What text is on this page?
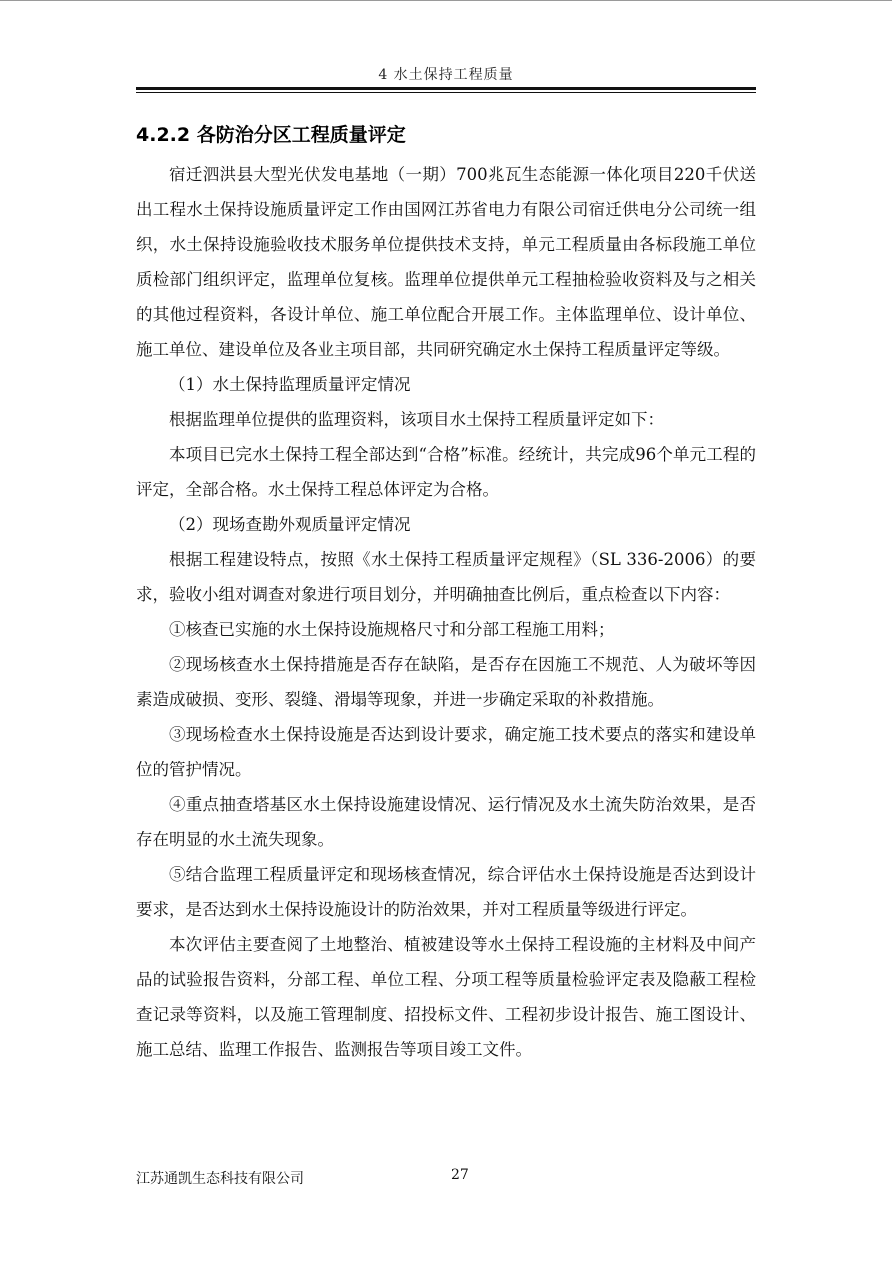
4 水土保持工程质量
4.2.2 各防治分区工程质量评定

宿迁泗洪县大型光伏发电基地（一期）700兆瓦生态能源一体化项目220千伏送出工程水土保持设施质量评定工作由国网江苏省电力有限公司宿迁供电分公司统一组织，水土保持设施验收技术服务单位提供技术支持，单元工程质量由各标段施工单位质检部门组织评定，监理单位复核。监理单位提供单元工程抽检验收资料及与之相关的其他过程资料，各设计单位、施工单位配合开展工作。主体监理单位、设计单位、施工单位、建设单位及各业主项目部，共同研究确定水土保持工程质量评定等级。

（1）水土保持监理质量评定情况

根据监理单位提供的监理资料，该项目水土保持工程质量评定如下：

本项目已完水土保持工程全部达到“合格”标准。经统计，共完成96个单元工程的评定，全部合格。水土保持工程总体评定为合格。

（2）现场查勘外观质量评定情况

根据工程建设特点，按照《水土保持工程质量评定规程》（SL 336-2006）的要求，验收小组对调查对象进行项目划分，并明确抽查比例后，重点检查以下内容：

①核查已实施的水土保持设施规格尺寸和分部工程施工用料；

②现场核查水土保持措施是否存在缺陷，是否存在因施工不规范、人为破坏等因素造成破损、变形、裂缝、滑塌等现象，并进一步确定采取的补救措施。

③现场检查水土保持设施是否达到设计要求，确定施工技术要点的落实和建设单位的管护情况。

④重点抽查塔基区水土保持设施建设情况、运行情况及水土流失防治效果，是否存在明显的水土流失现象。

⑤结合监理工程质量评定和现场核查情况，综合评估水土保持设施是否达到设计要求，是否达到水土保持设施设计的防治效果，并对工程质量等级进行评定。

本次评估主要查阅了土地整治、植被建设等水土保持工程设施的主材料及中间产品的试验报告资料，分部工程、单位工程、分项工程等质量检验评定表及隐蔽工程检查记录等资料，以及施工管理制度、招投标文件、工程初步设计报告、施工图设计、施工总结、监理工作报告、监测报告等项目竣工文件。

江苏通凯生态科技有限公司	27
